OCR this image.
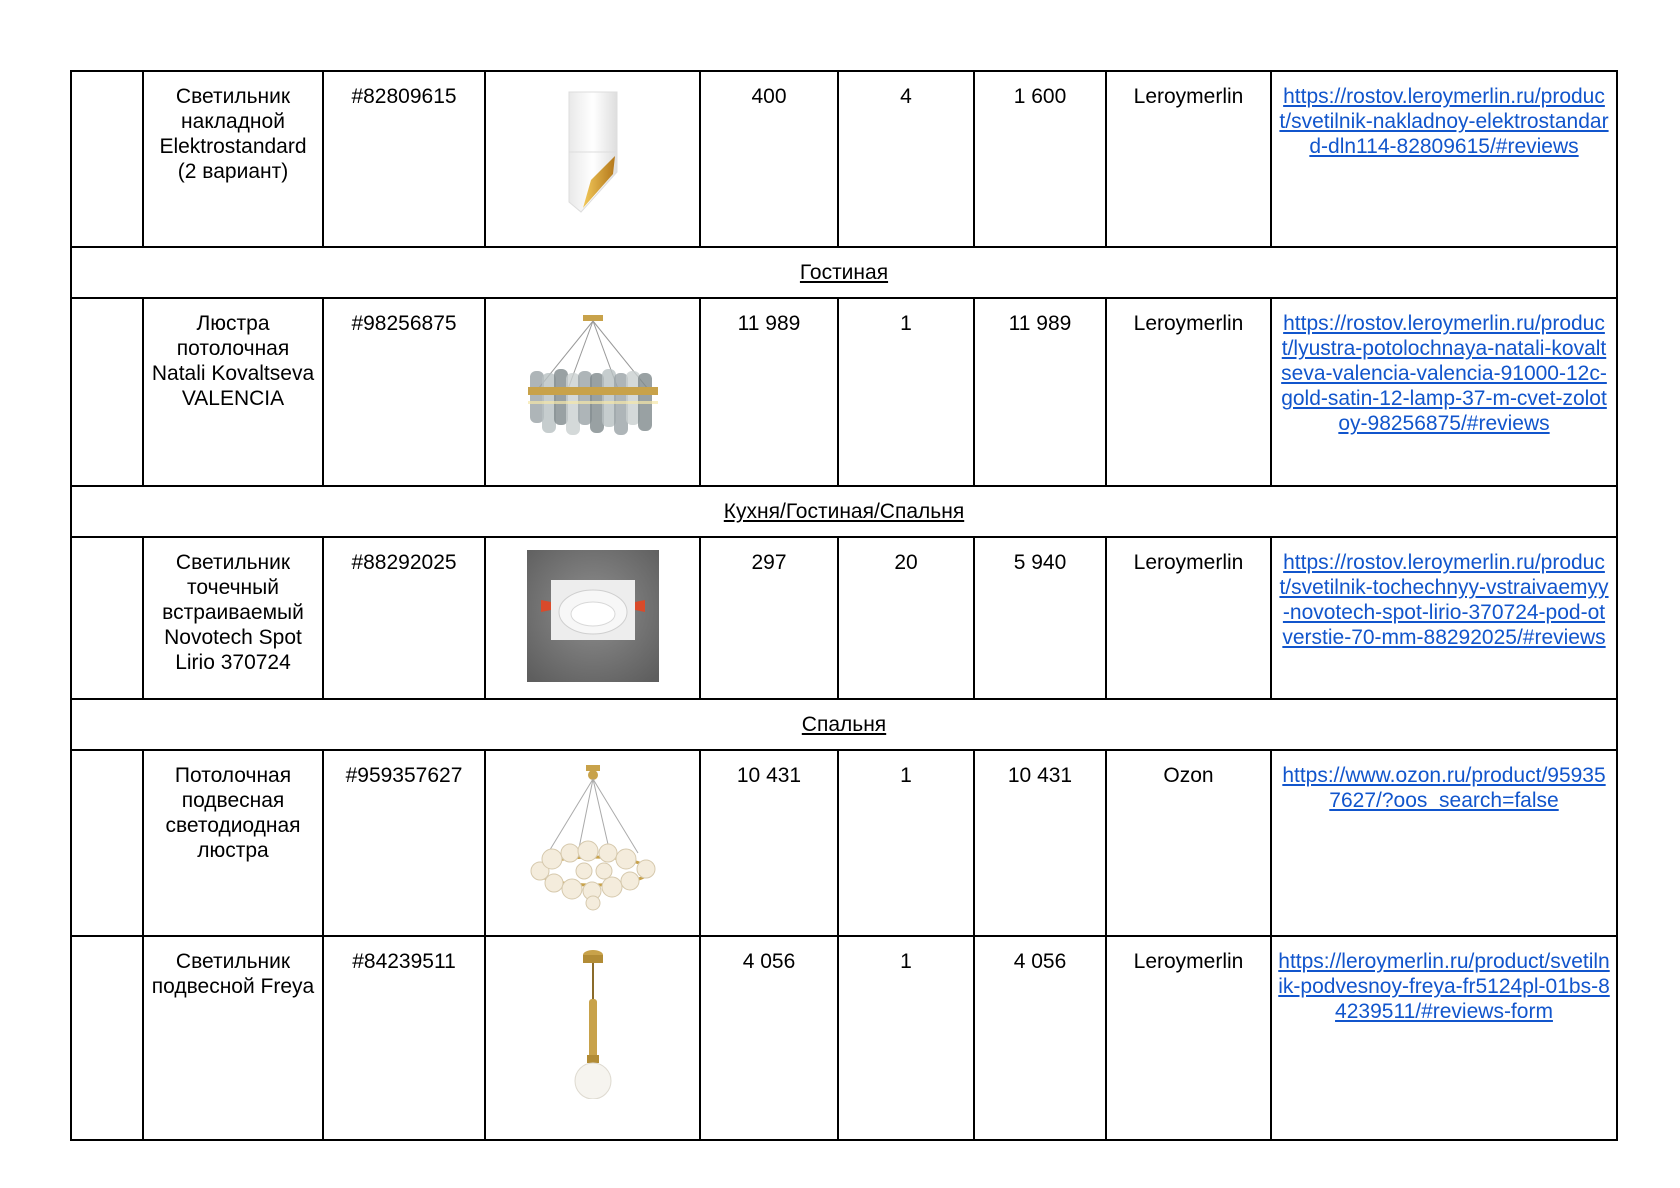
	Светильник накладной Elektrostandard (2 вариант)	#82809615		400	4	1 600	Leroymerlin	https://rostov.leroymerlin.ru/product/svetilnik-nakladnoy-elektrostandard-dln114-82809615/#reviews
Гостиная								
	Люстра потолочная Natali Kovaltseva VALENCIA	#98256875		11 989	1	11 989	Leroymerlin	https://rostov.leroymerlin.ru/product/lyustra-potolochnaya-natali-kovaltseva-valencia-valencia-91000-12c-gold-satin-12-lamp-37-m-cvet-zolotoy-98256875/#reviews
Кухня/Гостиная/Спальня								
	Светильник точечный встраиваемый Novotech Spot Lirio 370724	#88292025		297	20	5 940	Leroymerlin	https://rostov.leroymerlin.ru/product/svetilnik-tochechnyy-vstraivaemyy-novotech-spot-lirio-370724-pod-otverstie-70-mm-88292025/#reviews
Спальня								
	Потолочная подвесная светодиодная люстра	#959357627		10 431	1	10 431	Ozon	https://www.ozon.ru/product/959357627/?oos_search=false
	Светильник подвесной Freya	#84239511		4 056	1	4 056	Leroymerlin	https://leroymerlin.ru/product/svetilnik-podvesnoy-freya-fr5124pl-01bs-84239511/#reviews-form
